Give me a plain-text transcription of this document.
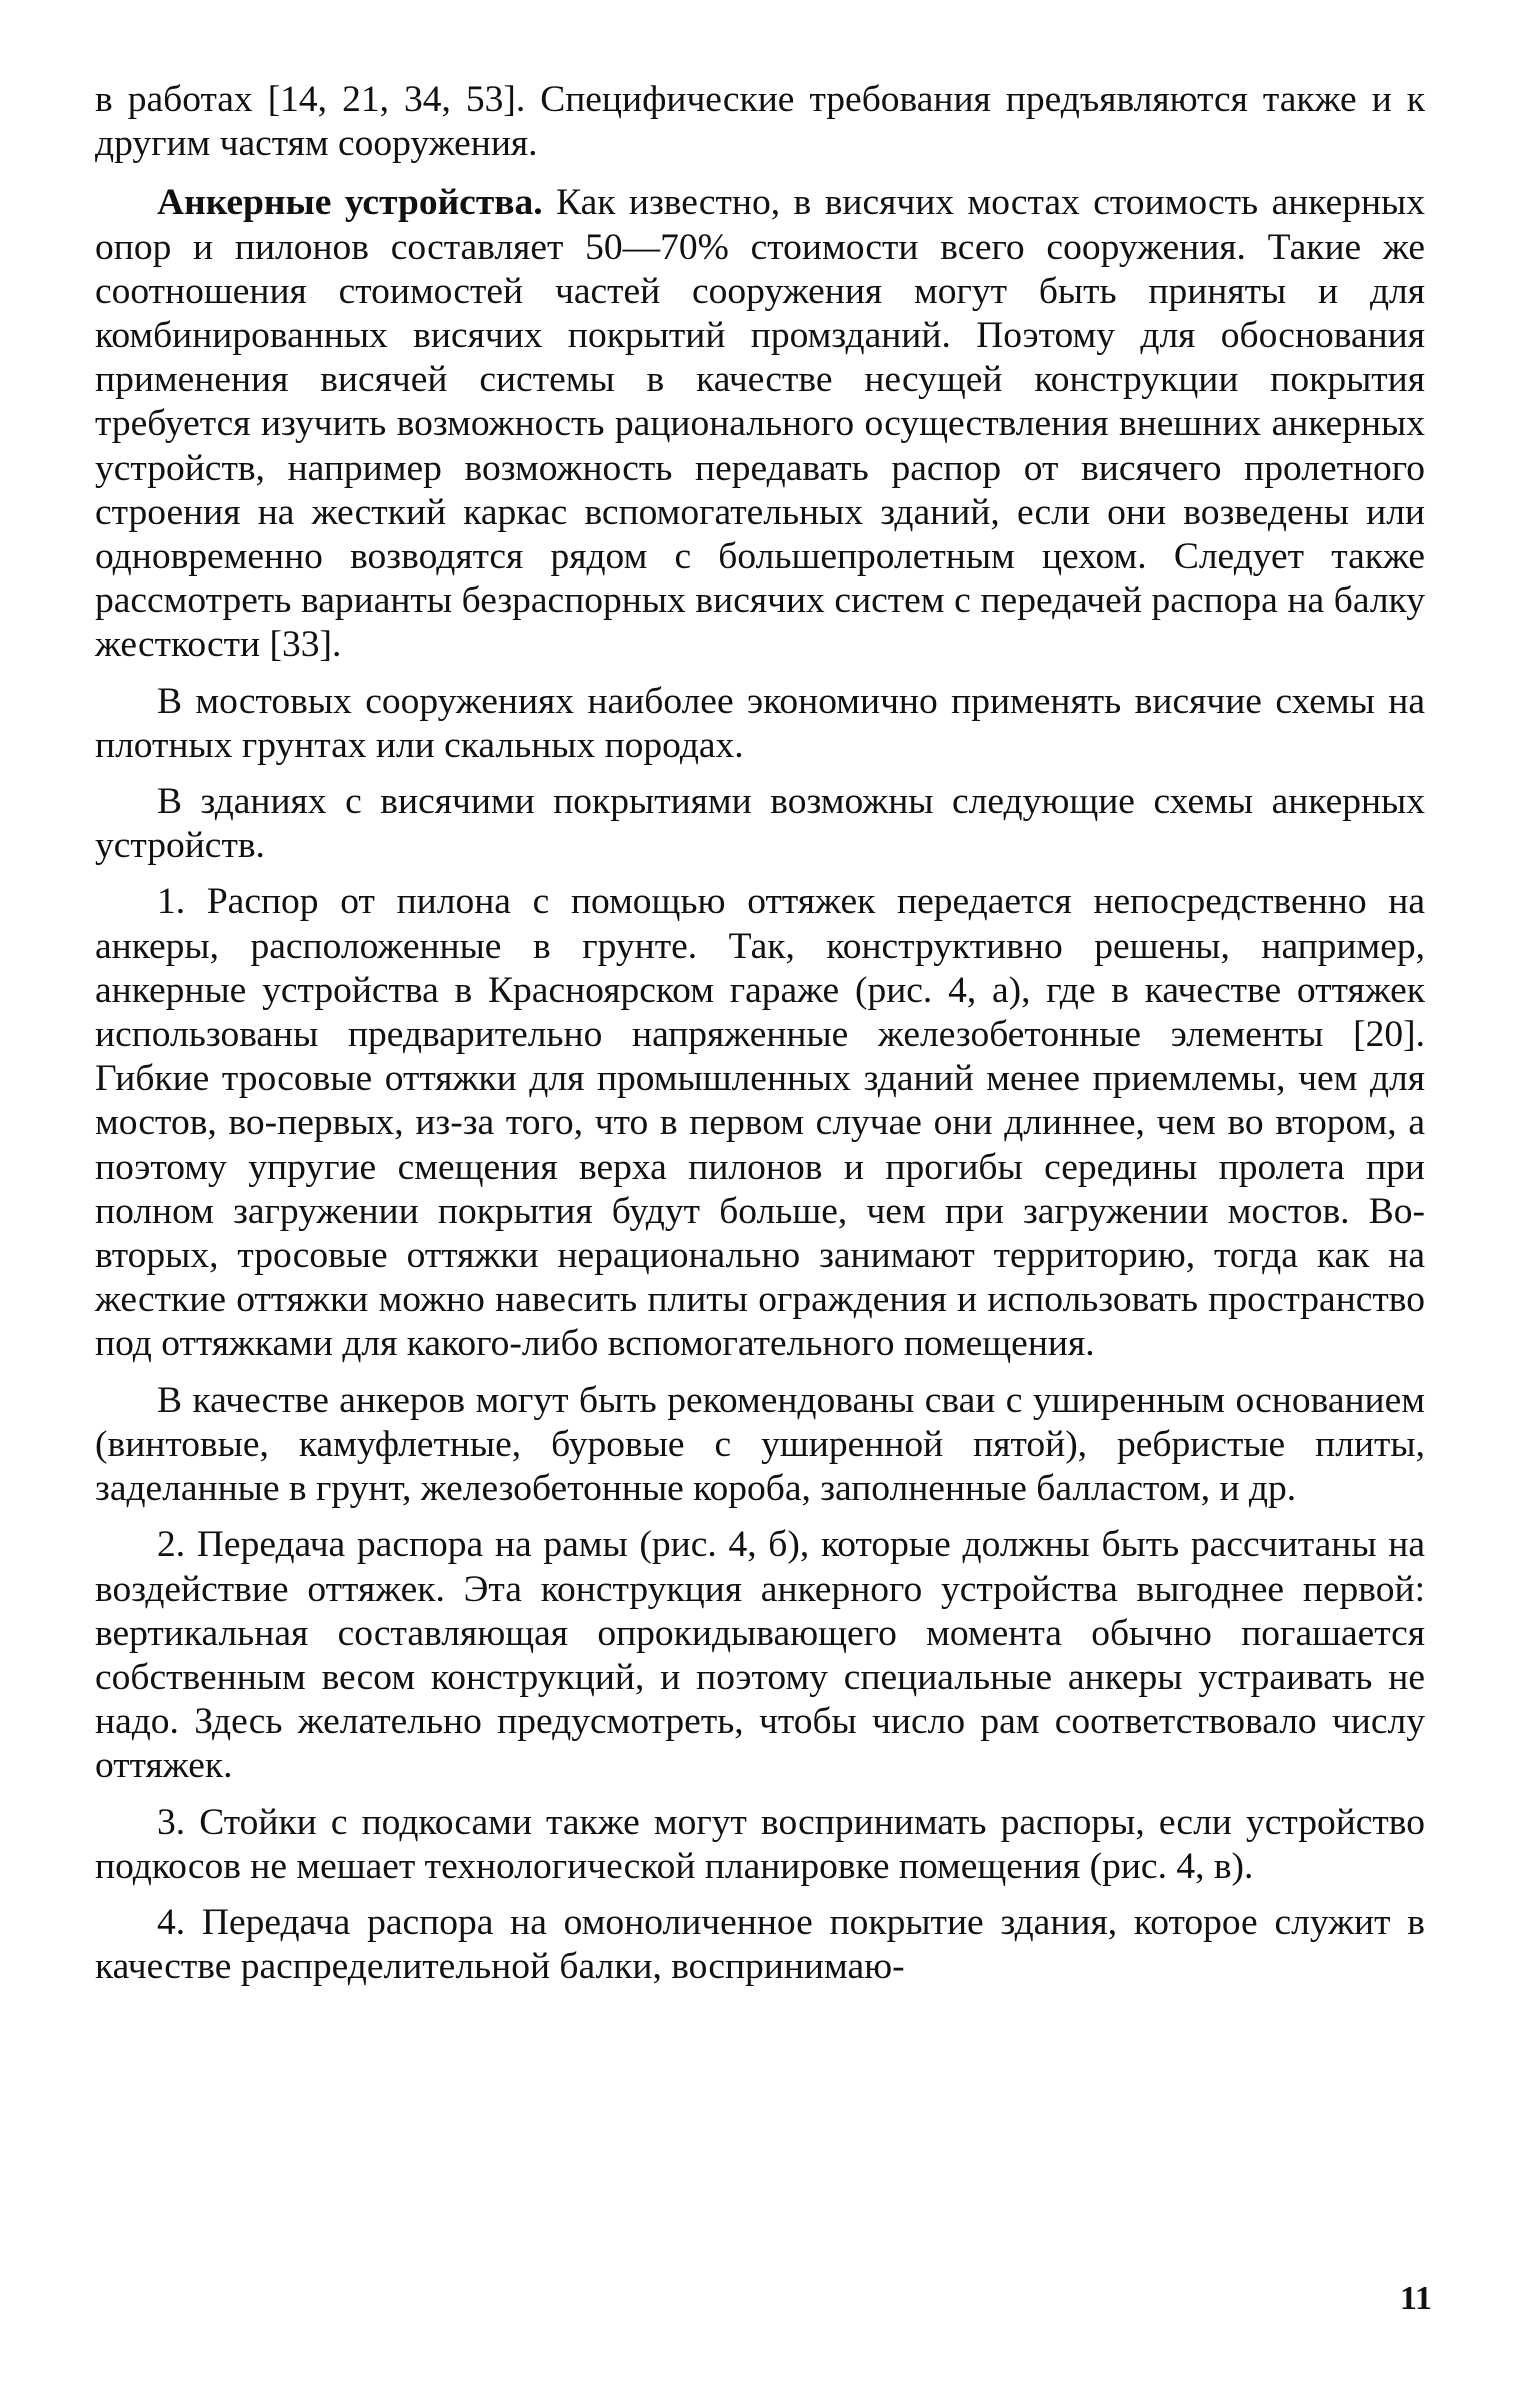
в работах [14, 21, 34, 53]. Специфические требования предъявляются также и к другим частям сооружения.

Анкерные устройства. Как известно, в висячих мостах стоимость анкерных опор и пилонов составляет 50—70% стоимости всего сооружения. Такие же соотношения стоимостей частей сооружения могут быть приняты и для комбинированных висячих покрытий промзданий. Поэтому для обоснования применения висячей системы в качестве несущей конструкции покрытия требуется изучить возможность рационального осуществления внешних анкерных устройств, например возможность передавать распор от висячего пролетного строения на жесткий каркас вспомогательных зданий, если они возведены или одновременно возводятся рядом с большепролетным цехом. Следует также рассмотреть варианты безраспорных висячих систем с передачей распора на балку жесткости [33].

В мостовых сооружениях наиболее экономично применять висячие схемы на плотных грунтах или скальных породах.

В зданиях с висячими покрытиями возможны следующие схемы анкерных устройств.

1. Распор от пилона с помощью оттяжек передается непосредственно на анкеры, расположенные в грунте. Так, конструктивно решены, например, анкерные устройства в Красноярском гараже (рис. 4, а), где в качестве оттяжек использованы предварительно напряженные железобетонные элементы [20]. Гибкие тросовые оттяжки для промышленных зданий менее приемлемы, чем для мостов, во-первых, из-за того, что в первом случае они длиннее, чем во втором, а поэтому упругие смещения верха пилонов и прогибы середины пролета при полном загружении покрытия будут больше, чем при загружении мостов. Во-вторых, тросовые оттяжки нерационально занимают территорию, тогда как на жесткие оттяжки можно навесить плиты ограждения и использовать пространство под оттяжками для какого-либо вспомогательного помещения.

В качестве анкеров могут быть рекомендованы сваи с уширенным основанием (винтовые, камуфлетные, буровые с уширенной пятой), ребристые плиты, заделанные в грунт, железобетонные короба, заполненные балластом, и др.

2. Передача распора на рамы (рис. 4, б), которые должны быть рассчитаны на воздействие оттяжек. Эта конструкция анкерного устройства выгоднее первой: вертикальная составляющая опрокидывающего момента обычно погашается собственным весом конструкций, и поэтому специальные анкеры устраивать не надо. Здесь желательно предусмотреть, чтобы число рам соответствовало числу оттяжек.

3. Стойки с подкосами также могут воспринимать распоры, если устройство подкосов не мешает технологической планировке помещения (рис. 4, в).

4. Передача распора на омоноличенное покрытие здания, которое служит в качестве распределительной балки, воспринимаю-

11
